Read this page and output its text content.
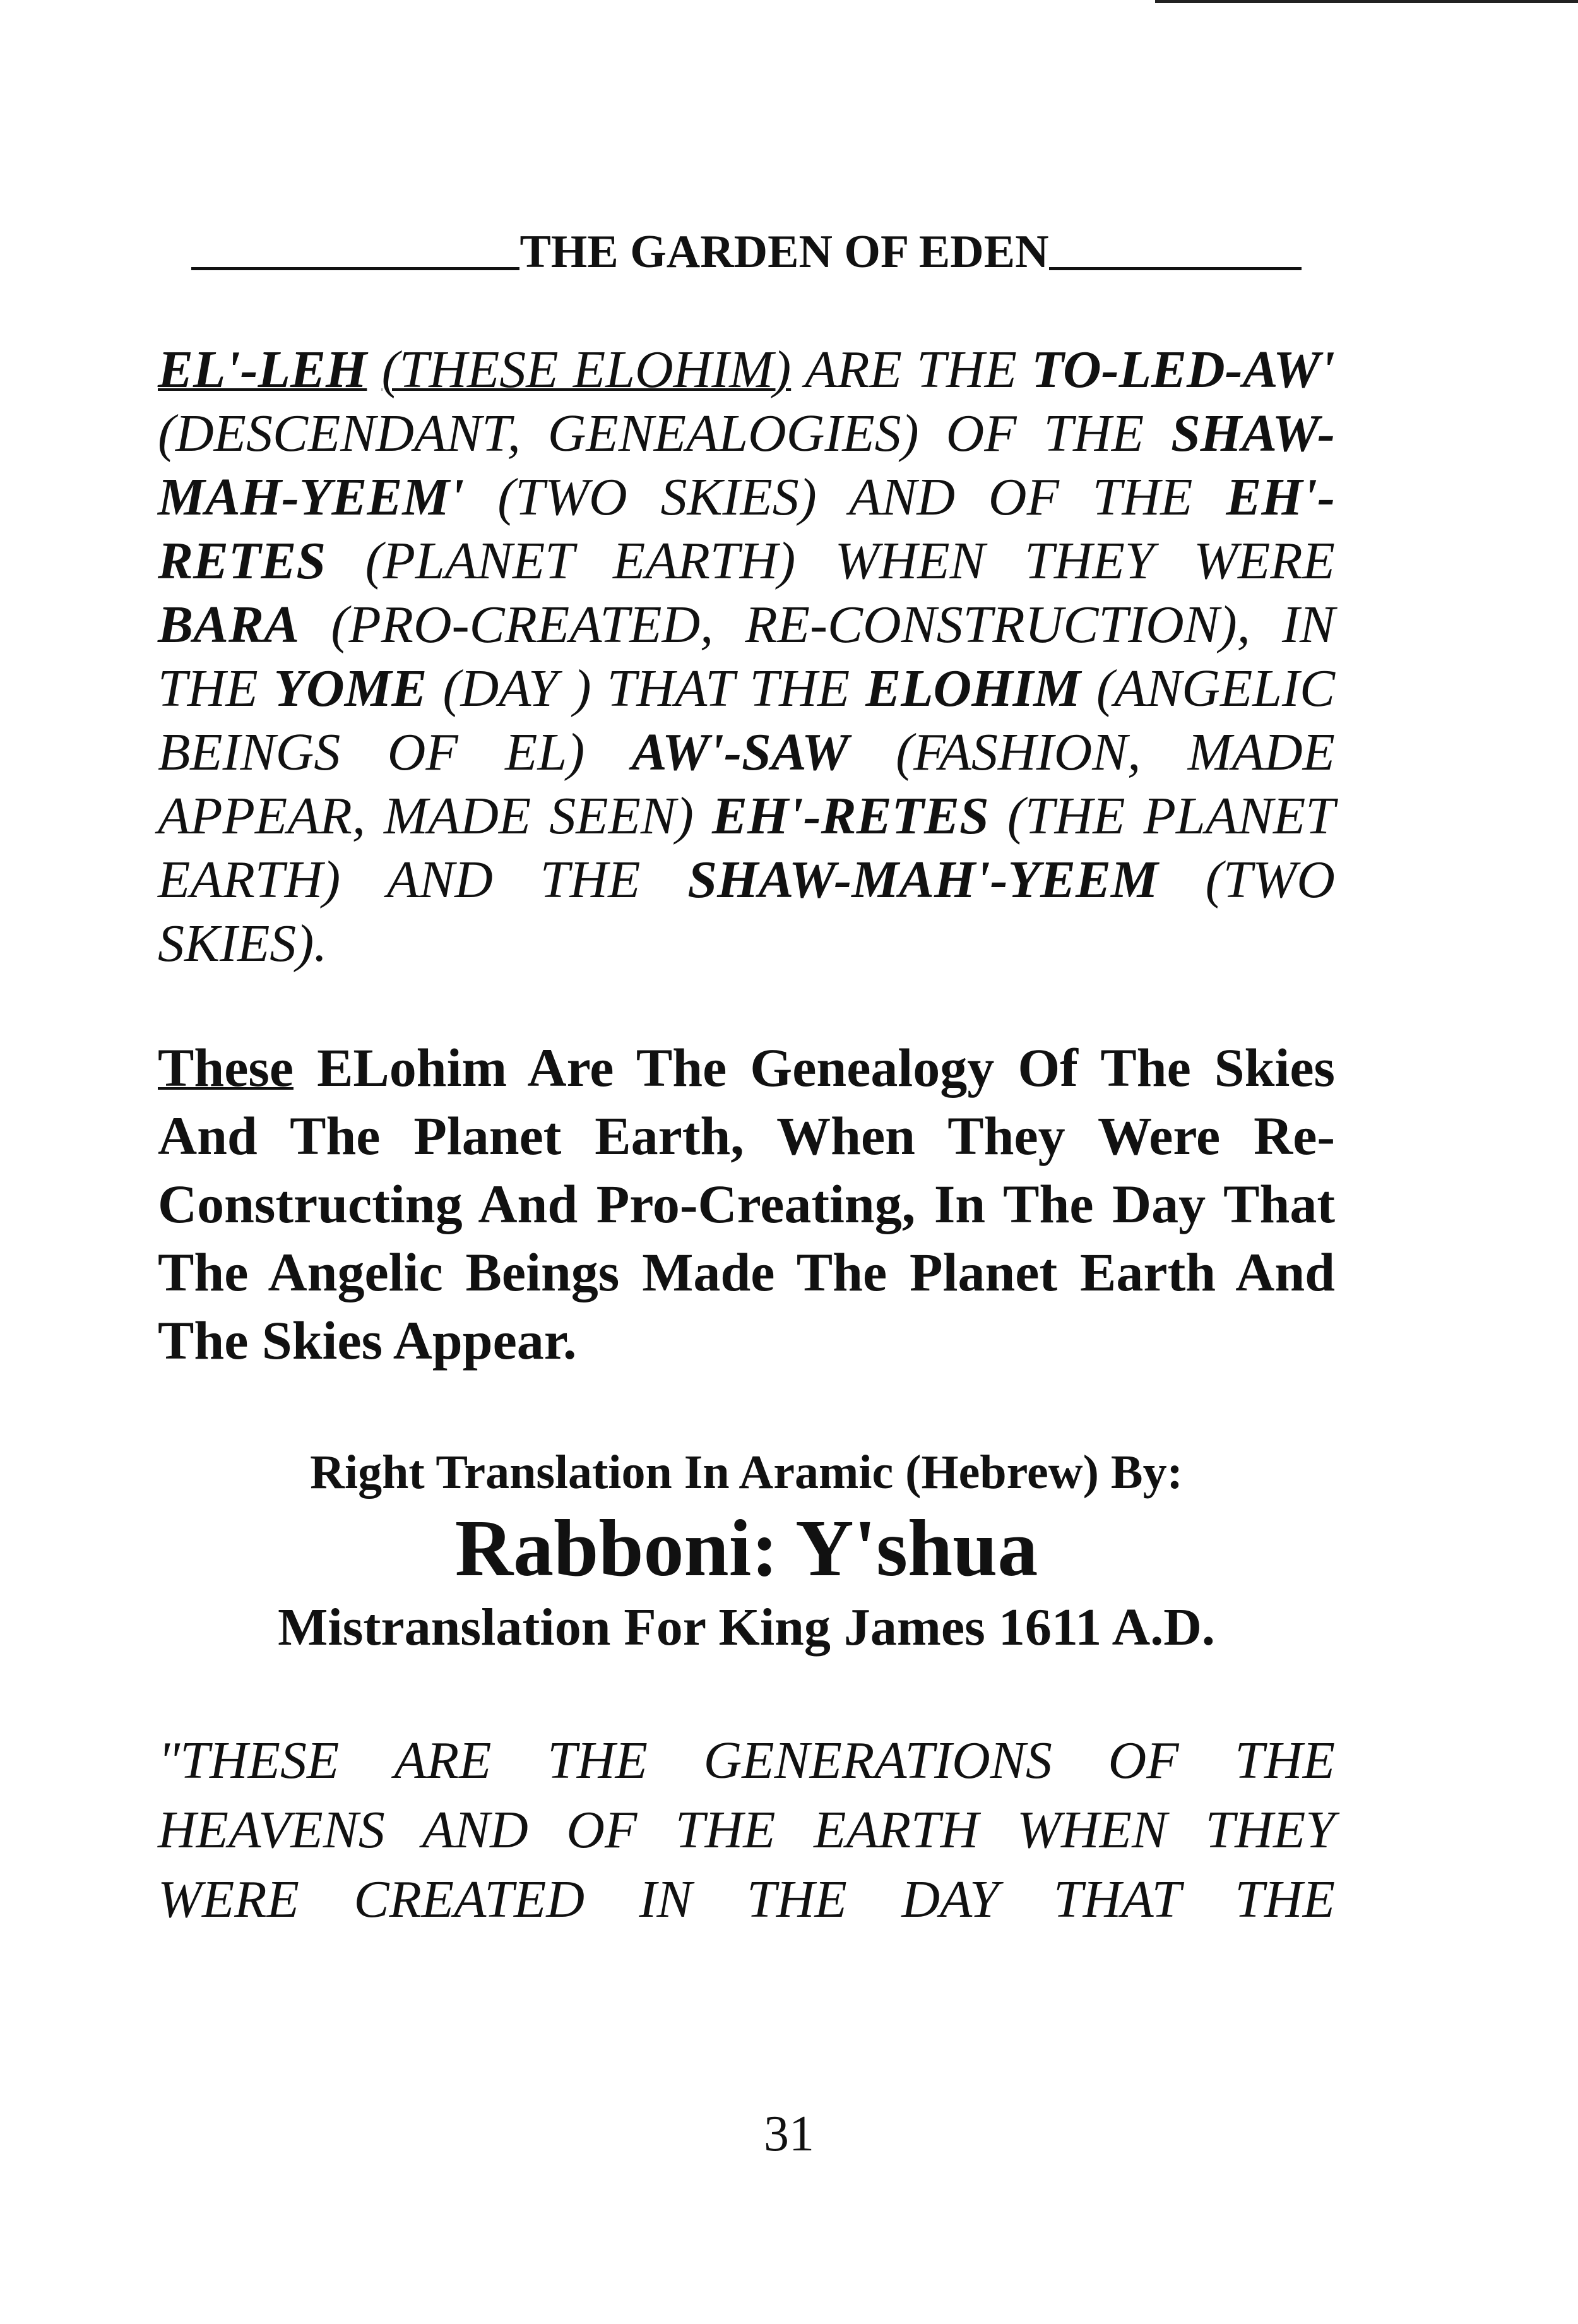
THE GARDEN OF EDEN

EL'-LEH (THESE ELOHIM) ARE THE TO-LED-AW' (DESCENDANT, GENEALOGIES) OF THE SHAW-MAH-YEEM' (TWO SKIES) AND OF THE EH'-RETES (PLANET EARTH) WHEN THEY WERE BARA (PRO-CREATED, RE-CONSTRUCTION), IN THE YOME (DAY ) THAT THE ELOHIM (ANGELIC BEINGS OF EL) AW'-SAW (FASHION, MADE APPEAR, MADE SEEN) EH'-RETES (THE PLANET EARTH) AND THE SHAW-MAH'-YEEM (TWO SKIES).

These ELohim Are The Genealogy Of The Skies And The Planet Earth, When They Were Re-Constructing And Pro-Creating, In The Day That The Angelic Beings Made The Planet Earth And The Skies Appear.

Right Translation In Aramic (Hebrew) By:
Rabboni: Y'shua
Mistranslation For King James 1611 A.D.

"THESE ARE THE GENERATIONS OF THE HEAVENS AND OF THE EARTH WHEN THEY WERE CREATED IN THE DAY THAT THE

31
